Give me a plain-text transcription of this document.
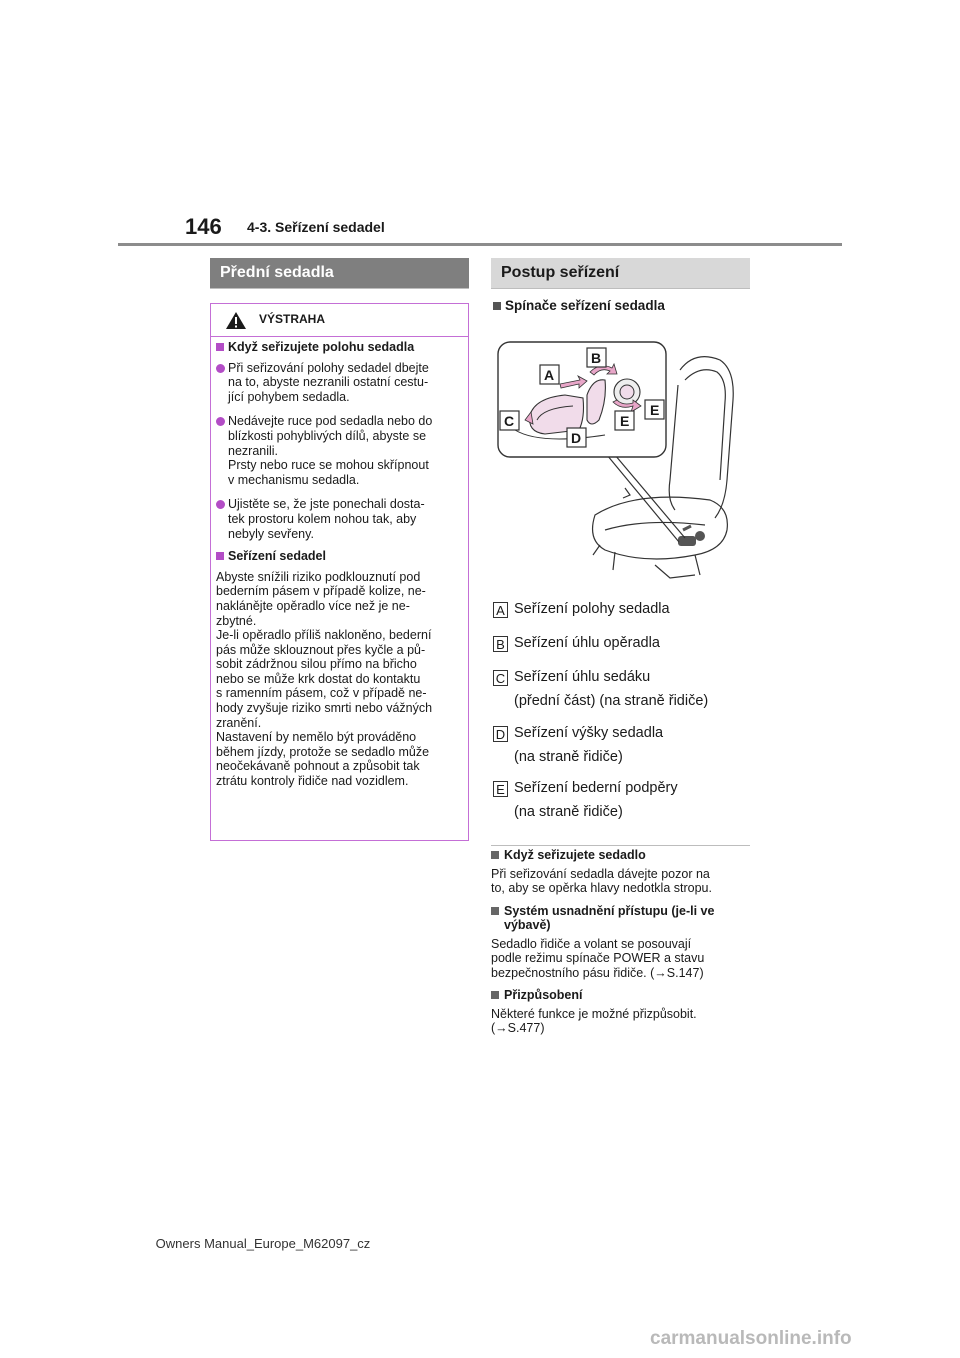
146 4-3. Seřízení sedadel
Přední sedadla
VÝSTRAHA
Když seřizujete polohu sedadla
Při seřizování polohy sedadel dbejte
na to, abyste nezranili ostatní cestu-
jící pohybem sedadla.
Nedávejte ruce pod sedadla nebo do
blízkosti pohyblivých dílů, abyste se
nezranili.
Prsty nebo ruce se mohou skřípnout
v mechanismu sedadla.
Ujistěte se, že jste ponechali dosta-
tek prostoru kolem nohou tak, aby
nebyly sevřeny.
Seřízení sedadel
Abyste snížili riziko podklouznutí pod
bederním pásem v případě kolize, ne-
nakláněјte opěradlo více než je ne-
zbytné.
Je-li opěradlo příliš nakloněno, bederní
pás může sklouznout přes kyčle a pů-
sobit zádržnou silou přímo na břicho
nebo se může krk dostat do kontaktu
s ramenním pásem, což v případě ne-
hody zvyšuje riziko smrti nebo vážných
zranění.
Nastavení by nemělo být prováděno
během jízdy, protože se sedadlo může
neočekávaně pohnout a způsobit tak
ztrátu kontroly řidiče nad vozidlem.
Postup seřízení
Spínače seřízení sedadla
A
B
C
D
E
E
A Seřízení polohy sedadla
B Seřízení úhlu opěradla
C Seřízení úhlu sedáku
(přední část) (na straně řidiče)
D Seřízení výšky sedadla
(na straně řidiče)
E Seřízení bederní podpěry
(na straně řidiče)
Když seřizujete sedadlo
Při seřizování sedadla dávejte pozor na
to, aby se opěrka hlavy nedotkla stropu.
Systém usnadnění přístupu (je-li ve výbavě)
Sedadlo řidiče a volant se posouvají
podle režimu spínače POWER a stavu
bezpečnostního pásu řidiče. (→S.147)
Přizpůsobení
Některé funkce je možné přizpůsobit.
(→S.477)
Owners Manual_Europe_M62097_cz
carmanualsonline.info
